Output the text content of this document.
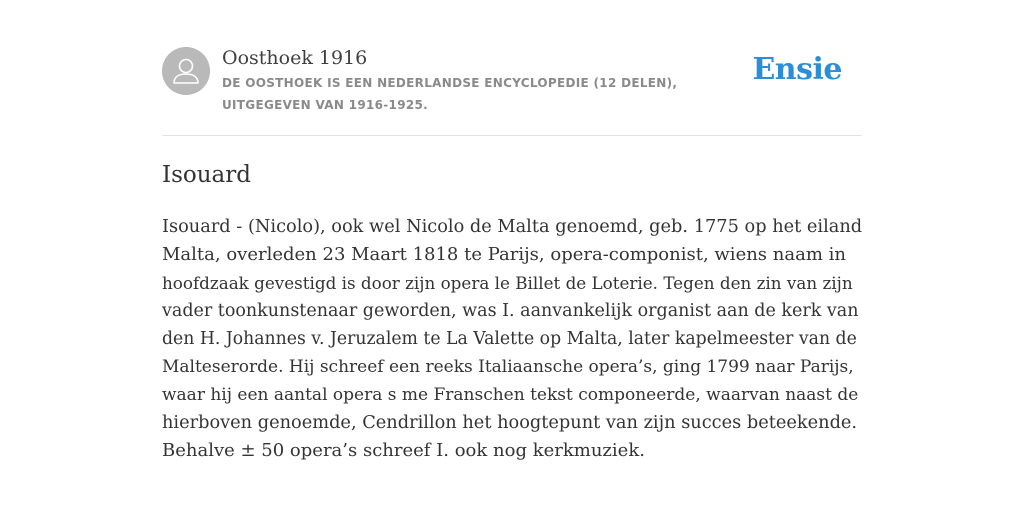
Oosthoek 1916
DE OOSTHOEK IS EEN NEDERLANDSE ENCYCLOPEDIE (12 DELEN), UITGEGEVEN VAN 1916-1925.
Ensie
Isouard

Isouard - (Nicolo), ook wel Nicolo de Malta genoemd, geb. 1775 op het eiland
Malta, overleden 23 Maart 1818 te Parijs, opera-componist, wiens naam in
hoofdzaak gevestigd is door zijn opera le Billet de Loterie. Tegen den zin van zijn
vader toonkunstenaar geworden, was I. aanvankelijk organist aan de kerk van
den H. Johannes v. Jeruzalem te La Valette op Malta, later kapelmeester van de
Malteserorde. Hij schreef een reeks Italiaansche opera’s, ging 1799 naar Parijs,
waar hij een aantal opera s me Franschen tekst componeerde, waarvan naast de
hierboven genoemde, Cendrillon het hoogtepunt van zijn succes beteekende.
Behalve ± 50 opera’s schreef I. ook nog kerkmuziek.
